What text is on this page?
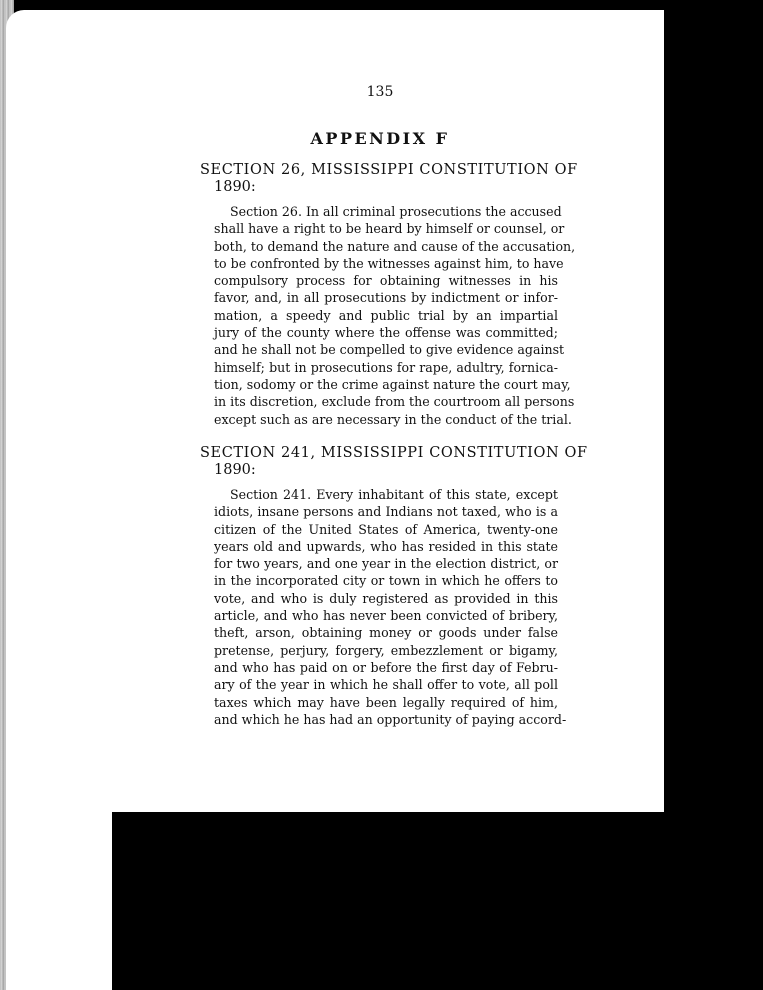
135
APPENDIX F
SECTION 26, MISSISSIPPI CONSTITUTION OF
1890:
Section 26. In all criminal prosecutions the accused
shall have a right to be heard by himself or counsel, or
both, to demand the nature and cause of the accusation,
to be confronted by the witnesses against him, to have
compulsory process for obtaining witnesses in his
favor, and, in all prosecutions by indictment or infor-
mation, a speedy and public trial by an impartial
jury of the county where the offense was committed;
and he shall not be compelled to give evidence against
himself; but in prosecutions for rape, adultry, fornica-
tion, sodomy or the crime against nature the court may,
in its discretion, exclude from the courtroom all persons
except such as are necessary in the conduct of the trial.
SECTION 241, MISSISSIPPI CONSTITUTION OF
1890:
Section 241. Every inhabitant of this state, except
idiots, insane persons and Indians not taxed, who is a
citizen of the United States of America, twenty-one
years old and upwards, who has resided in this state
for two years, and one year in the election district, or
in the incorporated city or town in which he offers to
vote, and who is duly registered as provided in this
article, and who has never been convicted of bribery,
theft, arson, obtaining money or goods under false
pretense, perjury, forgery, embezzlement or bigamy,
and who has paid on or before the first day of Febru-
ary of the year in which he shall offer to vote, all poll
taxes which may have been legally required of him,
and which he has had an opportunity of paying accord-
